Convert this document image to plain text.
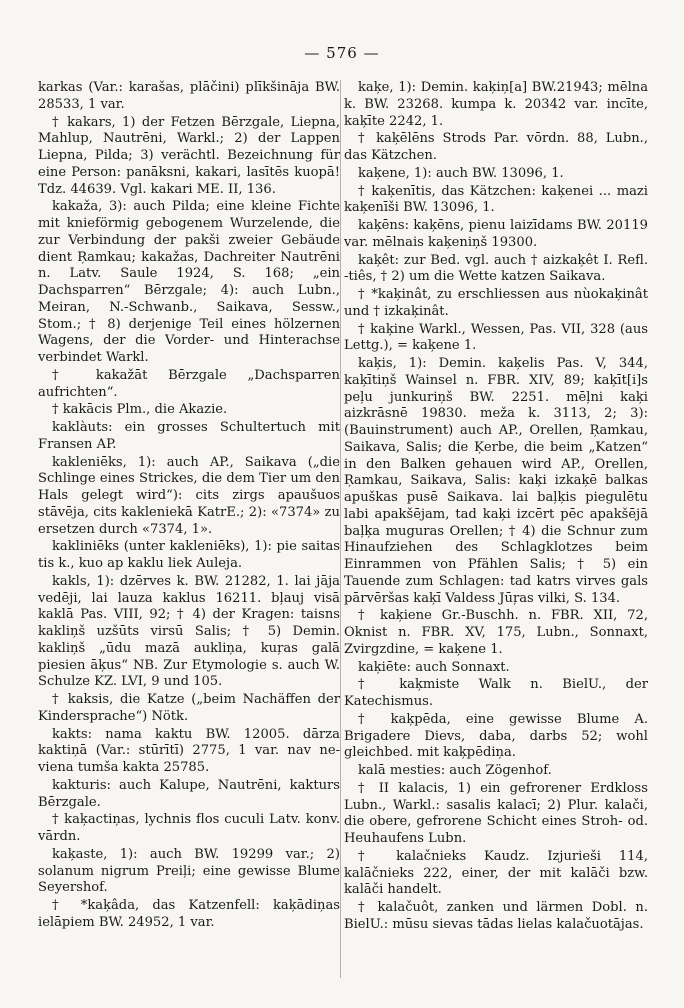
— 576 —

karkas (Var.: karašas, plāčini) plīkšināja BW. 28533, 1 var.

† kakars, 1) der Fetzen Bērzgale, Liepna, Mahlup, Nautrēni, Warkl.; 2) der Lappen Liepna, Pilda; 3) verächtl. Bezeichnung für eine Person: panāksni, kakari, lasītēs kuopā! Tdz. 44639. Vgl. kakari ME. II, 136.

kakaža, 3): auch Pilda; eine kleine Fichte mit knieförmig gebogenem Wurzelende, die zur Verbindung der pakši zweier Gebäude dient Ŗamkau; kakažas, Dachreiter Nautrēni n. Latv. Saule 1924, S. 168; „ein Dachsparren“ Bērzgale; 4): auch Lubn., Meiran, N.-Schwanb., Saikava, Sessw., Stom.; † 8) derjenige Teil eines hölzernen Wagens, der die Vorder- und Hinterachse verbindet Warkl.

† kakažāt Bērzgale „Dachsparren aufrichten“.

† kakācis Plm., die Akazie.

kaklàuts: ein grosses Schultertuch mit Fransen AP.

kakleniēks, 1): auch AP., Saikava („die Schlinge eines Strickes, die dem Tier um den Hals gelegt wird“): cits zirgs apaušuos stāvēja, cits kakleniekā KatrE.; 2): «7374» zu ersetzen durch «7374, 1».

kakliniēks (unter kakleniēks), 1): pie saitas tis k., kuo ap kaklu liek Auleja.

kakls, 1): dzērves k. BW. 21282, 1. lai jāja vedēji, lai lauza kaklus 16211. bļauj visā kaklā Pas. VIII, 92; † 4) der Kragen: taisns kakliņš uzšūts virsū Salis; † 5) Demin. kakliņš „ūdu mazā aukliņa, kuŗas galā piesien āķus“ NB. Zur Etymologie s. auch W. Schulze KZ. LVI, 9 und 105.

† kaksis, die Katze („beim Nachäffen der Kindersprache“) Nötk.

kakts: nama kaktu BW. 12005. dārza kaktiņā (Var.: stūrītī) 2775, 1 var. nav ne-viena tumša kakta 25785.

kakturis: auch Kalupe, Nautrēni, kakturs Bērzgale.

† kaķactiņas, lychnis flos cuculi Latv. konv. vārdn.

kaķaste, 1): auch BW. 19299 var.; 2) solanum nigrum Preiļi; eine gewisse Blume Seyershof.

† *kaķâda, das Katzenfell: kaķādiņas ielāpiem BW. 24952, 1 var.

kaķe, 1): Demin. kaķiņ[a] BW.21943; mēlna k. BW. 23268. kumpa k. 20342 var. incīte, kaķīte 2242, 1.

† kaķēlēns Strods Par. vōrdn. 88, Lubn., das Kätzchen.

kaķene, 1): auch BW. 13096, 1.

† kaķenītis, das Kätzchen: kaķenei ... mazi kaķenīši BW. 13096, 1.

kaķēns: kaķēns, pienu laizīdams BW. 20119 var. mēlnais kaķeniņš 19300.

kaķêt: zur Bed. vgl. auch † aizkaķêt I. Refl. -tiês, † 2) um die Wette katzen Saikava.

† *kaķinât, zu erschliessen aus nùokaķinât und † izkaķinât.

† kaķine Warkl., Wessen, Pas. VII, 328 (aus Lettg.), = kaķene 1.

kaķis, 1): Demin. kaķelis Pas. V, 344, kaķītiņš Wainsel n. FBR. XIV, 89; kaķīt[i]s peļu junkuriņš BW. 2251. mēļni kaķi aizkrāsnē 19830. meža k. 3113, 2; 3): (Bauinstrument) auch AP., Orellen, Ŗamkau, Saikava, Salis; die Ķerbe, die beim „Katzen“ in den Balken gehauen wird AP., Orellen, Ŗamkau, Saikava, Salis: kaķi izkaķē balkas apuškas pusē Saikava. lai baļķis piegulētu labi apakšējam, tad kaķi izcērt pēc apakšējā baļķa muguras Orellen; † 4) die Schnur zum Hinaufziehen des Schlagklotzes beim Einrammen von Pfählen Salis; † 5) ein Tauende zum Schlagen: tad katrs virves gals pārvēršas kaķī Valdess Jūŗas vilki, S. 134.

† kaķiene Gr.-Buschh. n. FBR. XII, 72, Oknist n. FBR. XV, 175, Lubn., Sonnaxt, Zvirgzdine, = kaķene 1.

kaķiēte: auch Sonnaxt.

† kaķmiste Walk n. BielU., der Katechismus.

† kaķpēda, eine gewisse Blume A. Brigadere Dievs, daba, darbs 52; wohl gleichbed. mit kaķpēdiņa.

kalā mesties: auch Zögenhof.

† II kalacis, 1) ein gefrorener Erdkloss Lubn., Warkl.: sasalis kalacī; 2) Plur. kalači, die obere, gefrorene Schicht eines Stroh- od. Heuhaufens Lubn.

† kalačnieks Kaudz. Izjurieši 114, kalāčnieks 222, einer, der mit kalāči bzw. kalāči handelt.

† kalačuôt, zanken und lärmen Dobl. n. BielU.: mūsu sievas tādas lielas kalačuotājas.
